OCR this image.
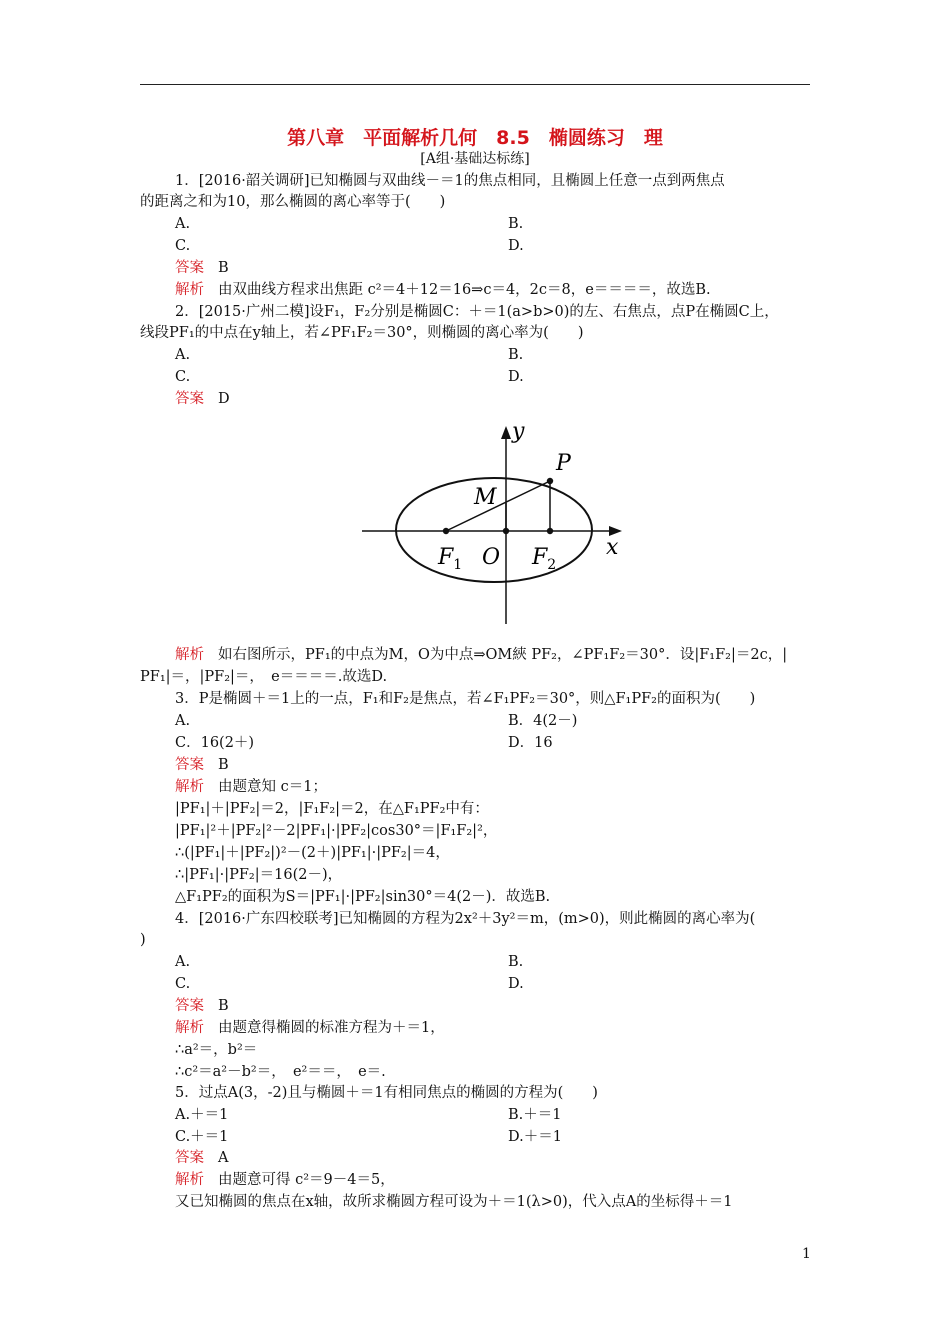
第八章　平面解析几何　8.5　椭圆练习　理
[A组·基础达标练]
1．[2016·韶关调研]已知椭圆与双曲线－＝1的焦点相同，且椭圆上任意一点到两焦点
的距离之和为10，那么椭圆的离心率等于(　　)
A.	B.
C.	D.
答案 B
解析 由双曲线方程求出焦距 c²＝4＋12＝16⇒c＝4，2c＝8，e＝＝＝＝，故选B.
2．[2015·广州二模]设F₁，F₂分别是椭圆C：＋＝1(a>b>0)的左、右焦点，点P在椭圆C上，
线段PF₁的中点在y轴上，若∠PF₁F₂＝30°，则椭圆的离心率为(　　)
A.	B.
C.	D.
答案 D
y
x
P
M
O
$F_1$	$F_2$
解析 如右图所示，PF₁的中点为M，O为中点⇒OM綊 PF₂，∠PF₁F₂＝30°．设|F₁F₂|＝2c，|
PF₁|＝，|PF₂|＝，　e＝＝＝＝.故选D.
3．P是椭圆＋＝1上的一点，F₁和F₂是焦点，若∠F₁PF₂＝30°，则△F₁PF₂的面积为(　　)
A.	B．4(2－)
C．16(2＋)	D．16
答案 B
解析 由题意知 c＝1；
|PF₁|＋|PF₂|＝2，|F₁F₂|＝2，在△F₁PF₂中有：
|PF₁|²＋|PF₂|²－2|PF₁|·|PF₂|cos30°＝|F₁F₂|²，
∴(|PF₁|＋|PF₂|)²－(2＋)|PF₁|·|PF₂|＝4，
∴|PF₁|·|PF₂|＝16(2－)，
△F₁PF₂的面积为S＝|PF₁|·|PF₂|sin30°＝4(2－)．故选B.
4．[2016·广东四校联考]已知椭圆的方程为2x²＋3y²＝m，(m>0)，则此椭圆的离心率为(
)
A.	B.
C.	D.
答案 B
解析 由题意得椭圆的标准方程为＋＝1，
∴a²＝，b²＝
∴c²＝a²－b²＝，　e²＝＝，　e＝.
5．过点A(3，-2)且与椭圆＋＝1有相同焦点的椭圆的方程为(　　)
A.＋＝1	B.＋＝1
C.＋＝1	D.＋＝1
答案 A
解析 由题意可得 c²＝9－4＝5，
又已知椭圆的焦点在x轴，故所求椭圆方程可设为＋＝1(λ>0)，代入点A的坐标得＋＝1
1
